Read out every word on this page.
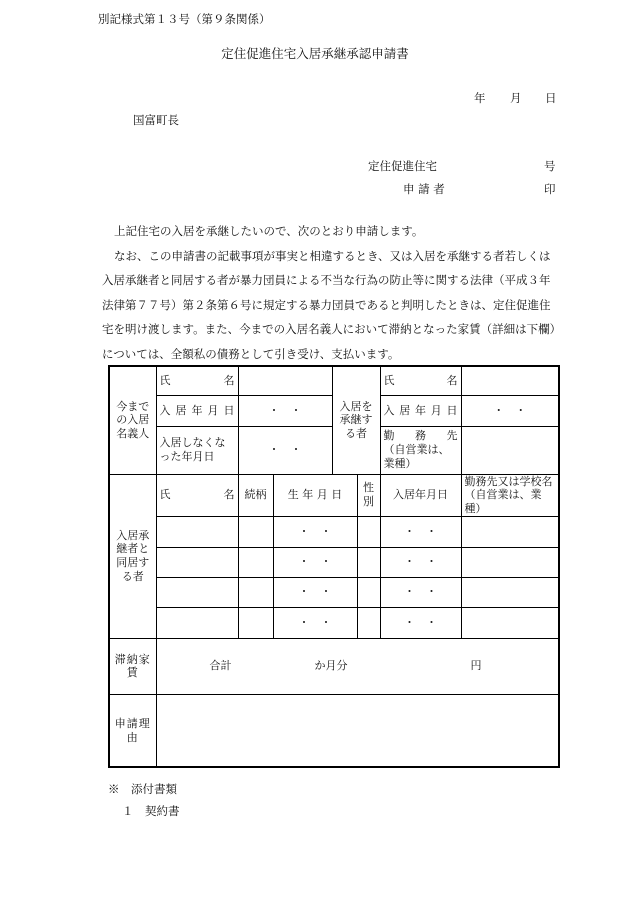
別記様式第１３号（第９条関係）
定住促進住宅入居承継承認申請書
年 月 日
国富町長
定住促進住宅	号
申 請 者	印

上記住宅の入居を承継したいので、次のとおり申請します。

なお、この申請書の記載事項が事実と相違するとき、又は入居を承継する者若しくは入居承継者と同居する者が暴力団員による不当な行為の防止等に関する法律（平成３年法律第７７号）第２条第６号に規定する暴力団員であると判明したときは、定住促進住宅を明け渡します。また、今までの入居名義人において滞納となった家賃（詳細は下欄）については、全額私の債務として引き受け、支払います。

今までの入居名義人	氏　　名			入居を承継する者		氏　　名	
	入居年月日	・　・				入居年月日	・　・
	入居しなくなった年月日	・　・				勤　務　先
（自営業は、業種）	

入居承継者と同居する者	氏　　名	続柄	生 年 月 日		性別	入居年月日	勤務先又は学校名（自営業は、業種）
			・　・			・　・	
			・　・			・　・	
			・　・			・　・	
			・　・			・　・	
滞納家賃	合計 か月分 円						

申請理由							
※　添付書類
１　契約書
